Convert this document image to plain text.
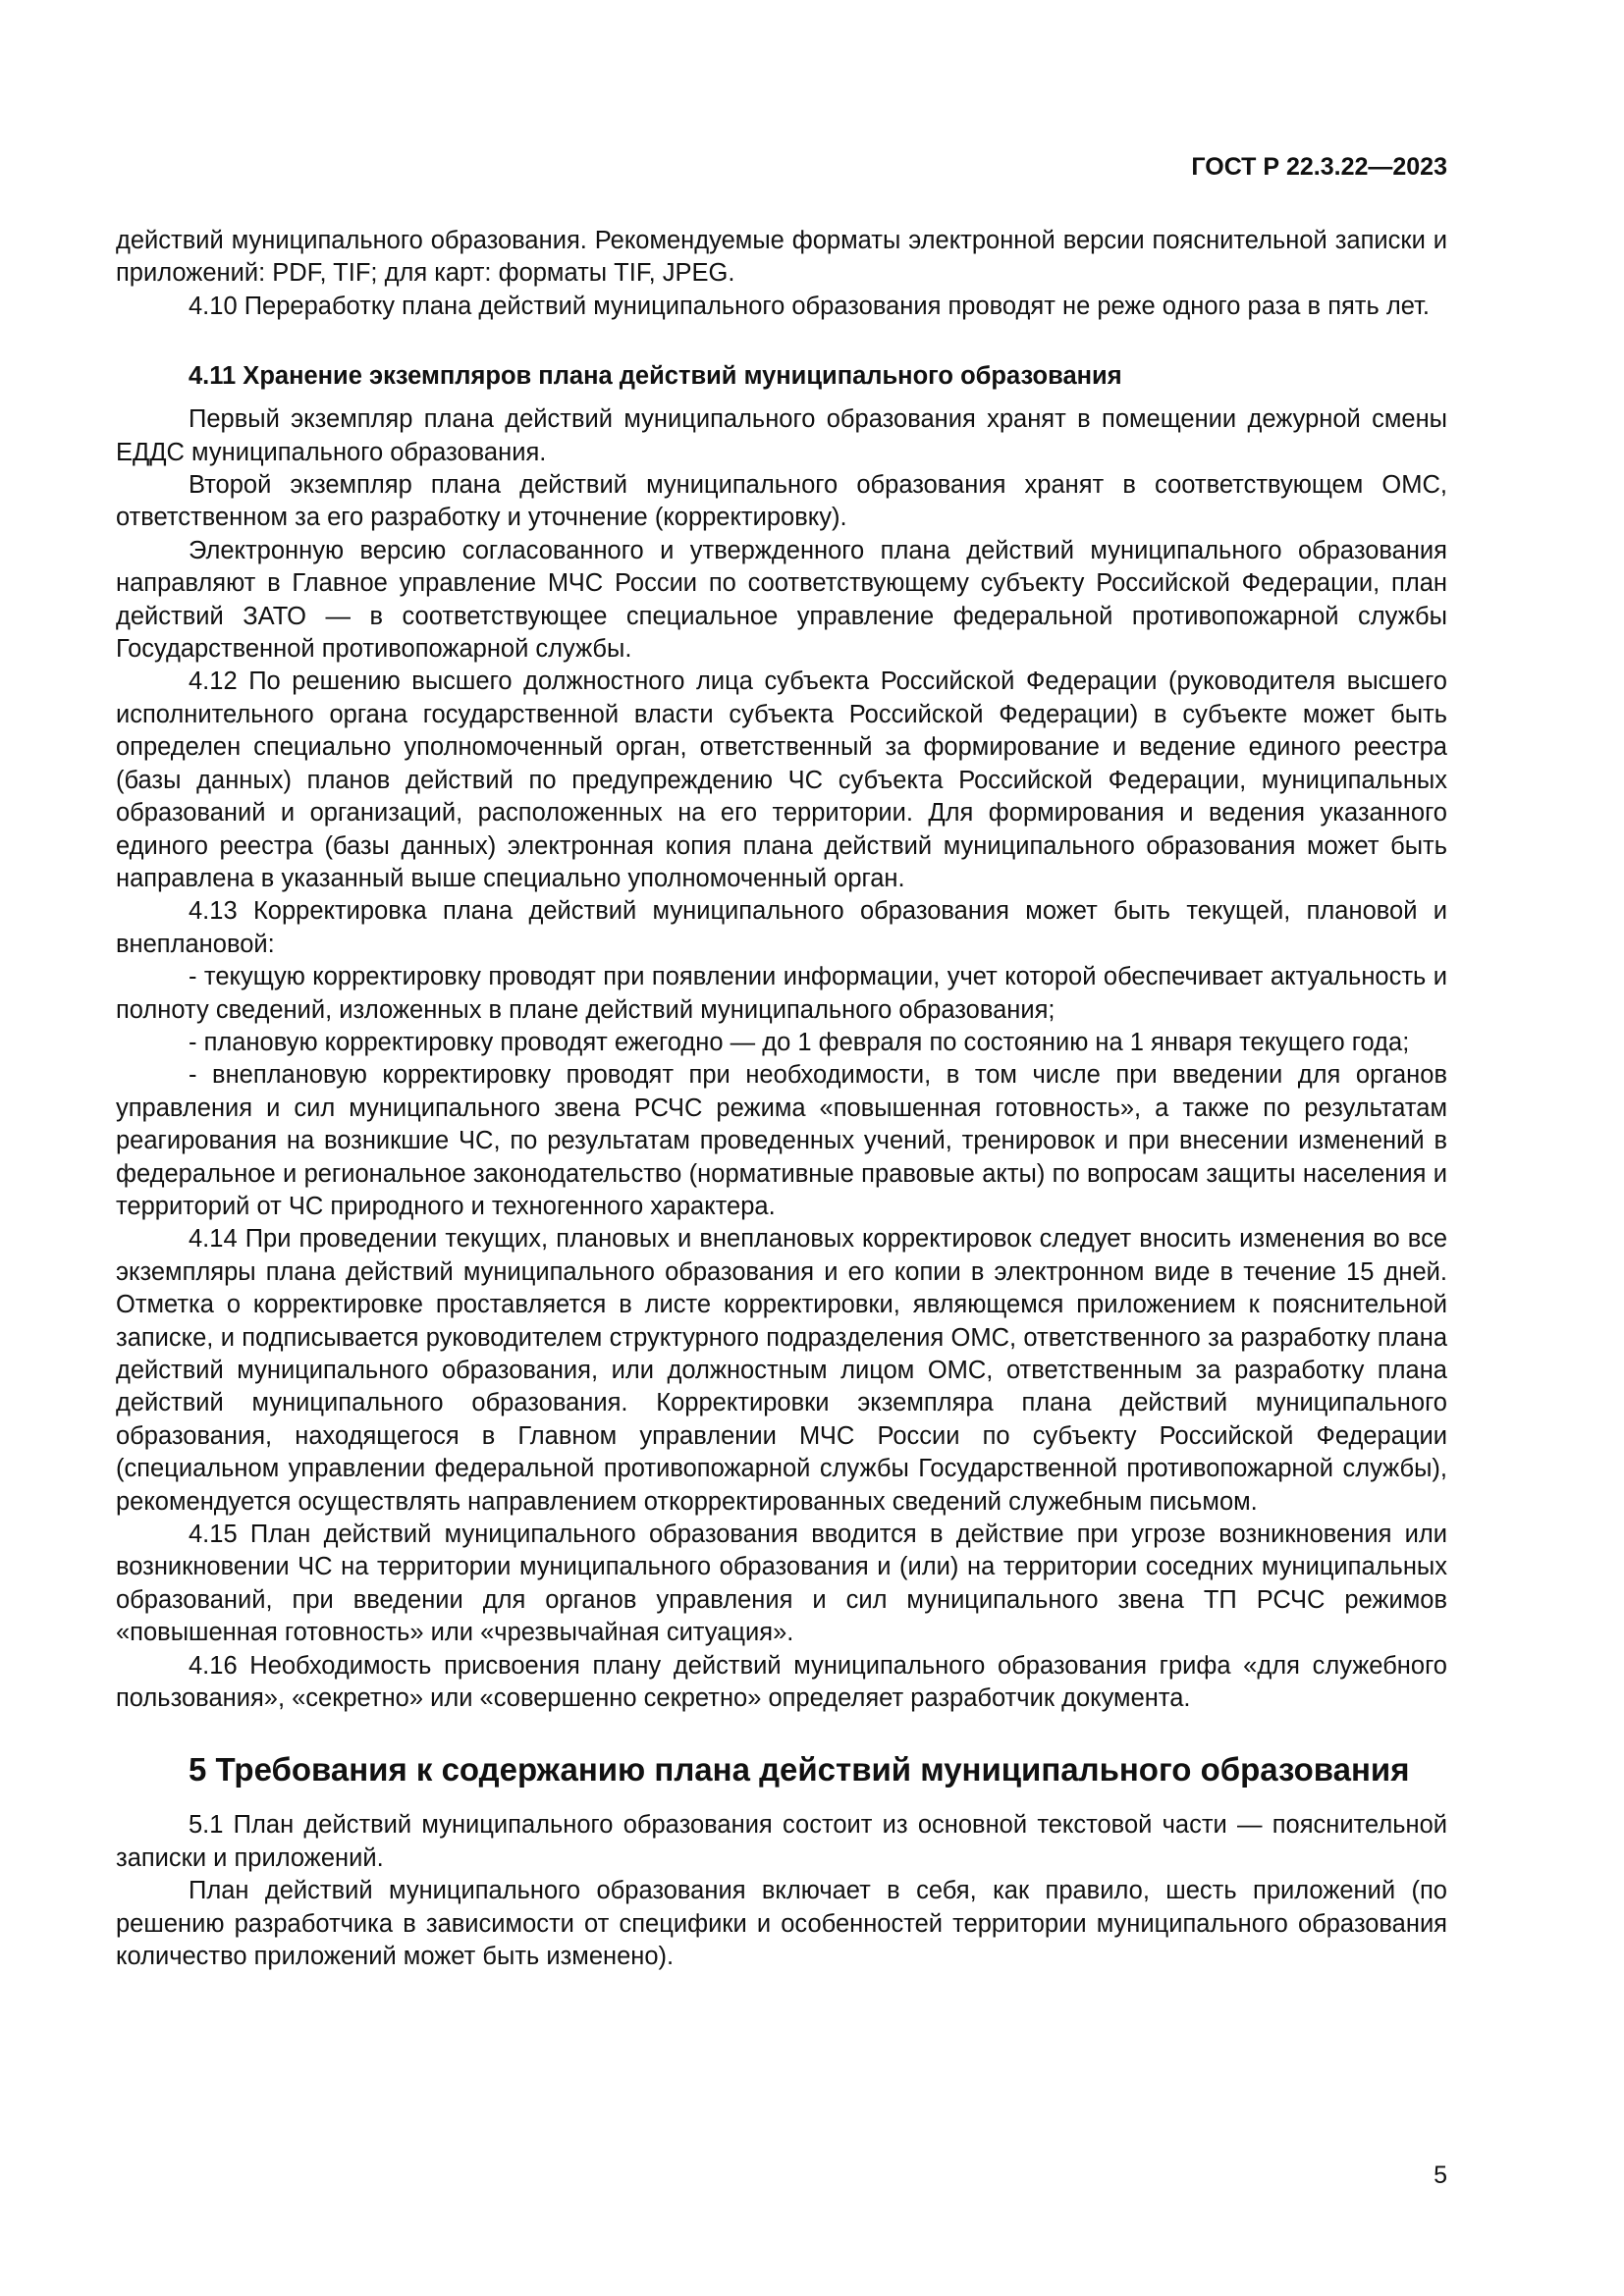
ГОСТ Р 22.3.22—2023

действий муниципального образования. Рекомендуемые форматы электронной версии пояснительной записки и приложений: PDF, TIF; для карт: форматы TIF, JPEG.

4.10 Переработку плана действий муниципального образования проводят не реже одного раза в пять лет.

4.11 Хранение экземпляров плана действий муниципального образования

Первый экземпляр плана действий муниципального образования хранят в помещении дежурной смены ЕДДС муниципального образования.

Второй экземпляр плана действий муниципального образования хранят в соответствующем ОМС, ответственном за его разработку и уточнение (корректировку).

Электронную версию согласованного и утвержденного плана действий муниципального образования направляют в Главное управление МЧС России по соответствующему субъекту Российской Федерации, план действий ЗАТО — в соответствующее специальное управление федеральной противопожарной службы Государственной противопожарной службы.

4.12 По решению высшего должностного лица субъекта Российской Федерации (руководителя высшего исполнительного органа государственной власти субъекта Российской Федерации) в субъекте может быть определен специально уполномоченный орган, ответственный за формирование и ведение единого реестра (базы данных) планов действий по предупреждению ЧС субъекта Российской Федерации, муниципальных образований и организаций, расположенных на его территории. Для формирования и ведения указанного единого реестра (базы данных) электронная копия плана действий муниципального образования может быть направлена в указанный выше специально уполномоченный орган.

4.13 Корректировка плана действий муниципального образования может быть текущей, плановой и внеплановой:

- текущую корректировку проводят при появлении информации, учет которой обеспечивает актуальность и полноту сведений, изложенных в плане действий муниципального образования;

- плановую корректировку проводят ежегодно — до 1 февраля по состоянию на 1 января текущего года;

- внеплановую корректировку проводят при необходимости, в том числе при введении для органов управления и сил муниципального звена РСЧС режима «повышенная готовность», а также по результатам реагирования на возникшие ЧС, по результатам проведенных учений, тренировок и при внесении изменений в федеральное и региональное законодательство (нормативные правовые акты) по вопросам защиты населения и территорий от ЧС природного и техногенного характера.

4.14 При проведении текущих, плановых и внеплановых корректировок следует вносить изменения во все экземпляры плана действий муниципального образования и его копии в электронном виде в течение 15 дней. Отметка о корректировке проставляется в листе корректировки, являющемся приложением к пояснительной записке, и подписывается руководителем структурного подразделения ОМС, ответственного за разработку плана действий муниципального образования, или должностным лицом ОМС, ответственным за разработку плана действий муниципального образования. Корректировки экземпляра плана действий муниципального образования, находящегося в Главном управлении МЧС России по субъекту Российской Федерации (специальном управлении федеральной противопожарной службы Государственной противопожарной службы), рекомендуется осуществлять направлением откорректированных сведений служебным письмом.

4.15 План действий муниципального образования вводится в действие при угрозе возникновения или возникновении ЧС на территории муниципального образования и (или) на территории соседних муниципальных образований, при введении для органов управления и сил муниципального звена ТП РСЧС режимов «повышенная готовность» или «чрезвычайная ситуация».

4.16 Необходимость присвоения плану действий муниципального образования грифа «для служебного пользования», «секретно» или «совершенно секретно» определяет разработчик документа.

5 Требования к содержанию плана действий муниципального образования

5.1 План действий муниципального образования состоит из основной текстовой части — пояснительной записки и приложений.

План действий муниципального образования включает в себя, как правило, шесть приложений (по решению разработчика в зависимости от специфики и особенностей территории муниципального образования количество приложений может быть изменено).

5
